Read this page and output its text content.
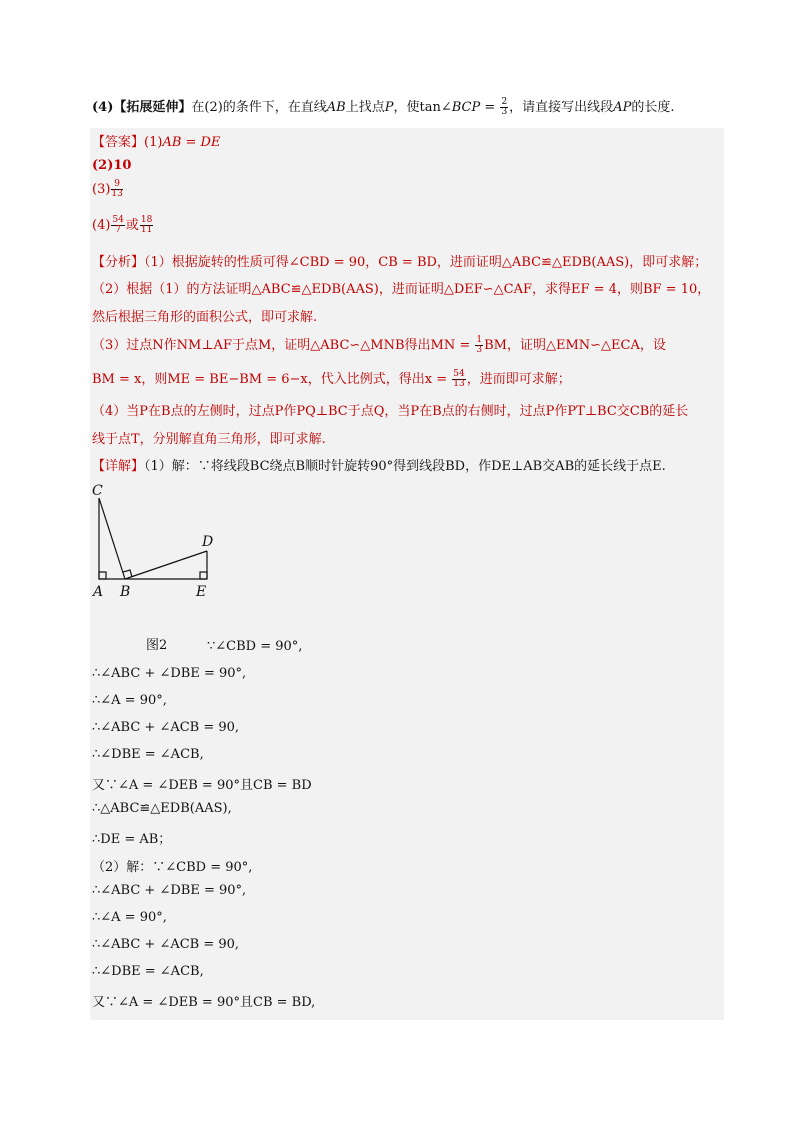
(4)【拓展延伸】在(2)的条件下，在直线AB上找点P，使tan∠BCP = $\frac{2}{3}$ ，请直接写出线段AP的长度.
【答案】(1)AB = DE
(2)10
$(3) \frac{9}{13}$
$(4) \frac{54}{7}$ 或 $\frac{18}{11}$
【分析】（1）根据旋转的性质可得∠CBD = 90，CB = BD，进而证明△ABC≌△EDB(AAS)，即可求解；
（2）根据（1）的方法证明△ABC≌△EDB(AAS)，进而证明△DEF∽△CAF，求得EF = 4，则BF = 10，
然后根据三角形的面积公式，即可求解.
（3）过点N作NM⊥AF于点M，证明△ABC∽△MNB得出MN = $\frac{1}{3}$ BM，证明△EMN∽△ECA，设
BM = x，则ME = BE−BM = 6−x，代入比例式，得出$x = \frac{54}{13}$ ，进而即可求解；
（4）当P在B点的左侧时，过点P作PQ⊥BC于点Q，当P在B点的右侧时，过点P作PT⊥BC交CB的延长
线于点T，分别解直角三角形，即可求解.
【详解】（1）解：∵将线段BC绕点B顺时针旋转90°得到线段BD，作DE⊥AB交AB的延长线于点E.
C
D
A B	E
图2	∵∠CBD = 90°,
∴∠ABC + ∠DBE = 90°,
∴∠A = 90°,
∴∠ABC + ∠ACB = 90,
∴∠DBE = ∠ACB,
又∵∠A = ∠DEB = 90°且CB = BD
∴△ABC≌△EDB(AAS),
∴DE = AB；
（2）解：∵∠CBD = 90°,
∴∠ABC + ∠DBE = 90°,
∴∠A = 90°,
∴∠ABC + ∠ACB = 90,
∴∠DBE = ∠ACB,
又∵∠A = ∠DEB = 90°且CB = BD,
